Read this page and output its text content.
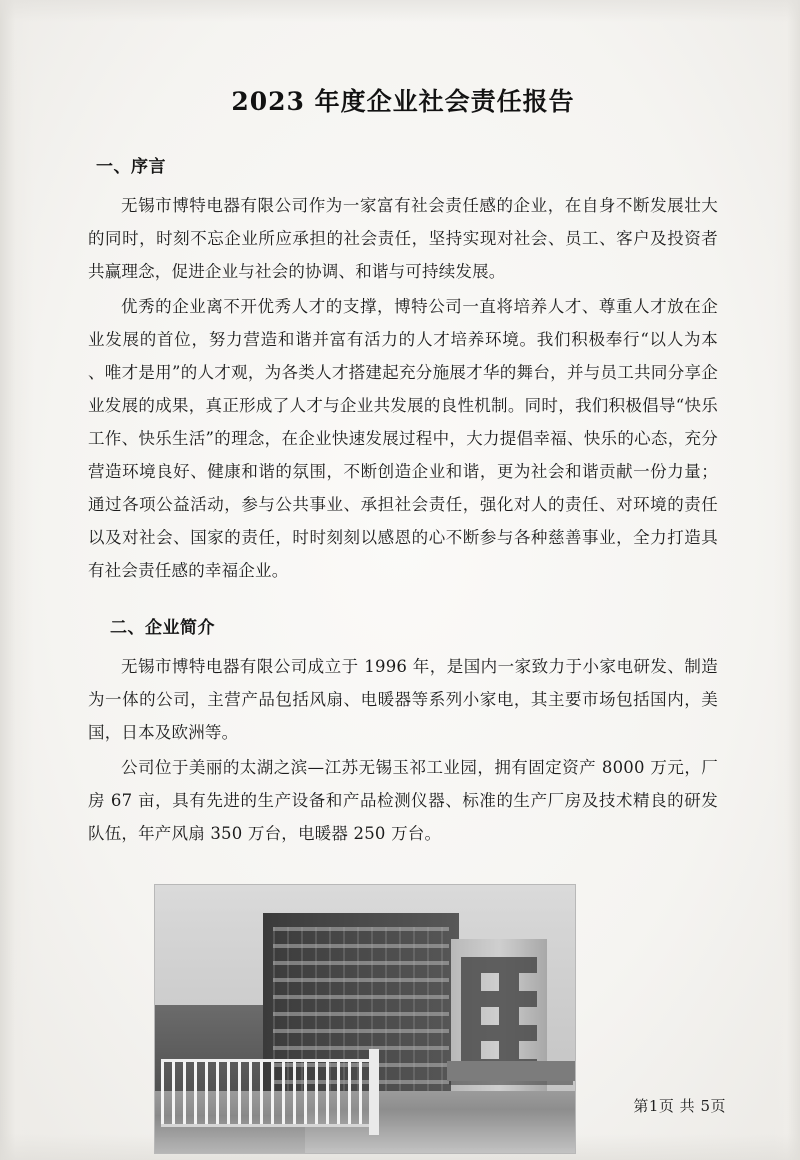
2023 年度企业社会责任报告
一、序言

无锡市博特电器有限公司作为一家富有社会责任感的企业，在自身不断发展壮大的同时，时刻不忘企业所应承担的社会责任，坚持实现对社会、员工、客户及投资者共赢理念，促进企业与社会的协调、和谐与可持续发展。

优秀的企业离不开优秀人才的支撑，博特公司一直将培养人才、尊重人才放在企业发展的首位，努力营造和谐并富有活力的人才培养环境。我们积极奉行“以人为本 、唯才是用”的人才观，为各类人才搭建起充分施展才华的舞台，并与员工共同分享企业发展的成果，真正形成了人才与企业共发展的良性机制。同时，我们积极倡导“快乐工作、快乐生活”的理念，在企业快速发展过程中，大力提倡幸福、快乐的心态，充分营造环境良好、健康和谐的氛围，不断创造企业和谐，更为社会和谐贡献一份力量；通过各项公益活动，参与公共事业、承担社会责任，强化对人的责任、对环境的责任以及对社会、国家的责任，时时刻刻以感恩的心不断参与各种慈善事业，全力打造具有社会责任感的幸福企业。

二、企业简介

无锡市博特电器有限公司成立于 1996 年，是国内一家致力于小家电研发、制造为一体的公司，主营产品包括风扇、电暖器等系列小家电，其主要市场包括国内，美国，日本及欧洲等。

公司位于美丽的太湖之滨—江苏无锡玉祁工业园，拥有固定资产 8000 万元，厂房 67 亩，具有先进的生产设备和产品检测仪器、标准的生产厂房及技术精良的研发队伍，年产风扇 350 万台，电暖器 250 万台。

第1页 共 5页
